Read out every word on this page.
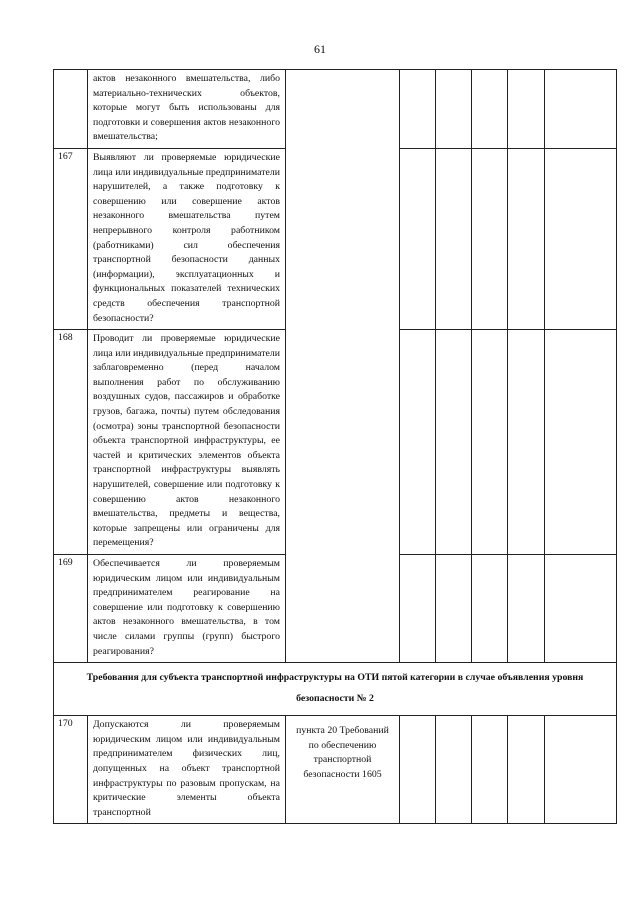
61

	актов незаконного вмешательства, либо материально-технических объектов, которые могут быть использованы для подготовки и совершения актов незаконного вмешательства;						

167	Выявляют ли проверяемые юридические лица или индивидуальные предприниматели нарушителей, а также подготовку к совершению или совершение актов незаконного вмешательства путем непрерывного контроля работником (работниками) сил обеспечения транспортной безопасности данных (информации), эксплуатационных и функциональных показателей технических средств обеспечения транспортной безопасности?						

168	Проводит ли проверяемые юридические лица или индивидуальные предприниматели заблаговременно (перед началом выполнения работ по обслуживанию воздушных судов, пассажиров и обработке грузов, багажа, почты) путем обследования (осмотра) зоны транспортной безопасности объекта транспортной инфраструктуры, ее частей и критических элементов объекта транспортной инфраструктуры выявлять нарушителей, совершение или подготовку к совершению актов незаконного вмешательства, предметы и вещества, которые запрещены или ограничены для перемещения?						

169	Обеспечивается ли проверяемым юридическим лицом или индивидуальным предпринимателем реагирование на совершение или подготовку к совершению актов незаконного вмешательства, в том числе силами группы (групп) быстрого реагирования?						

Требования для субъекта транспортной инфраструктуры на ОТИ пятой категории в случае объявления уровня безопасности № 2							
170	Допускаются ли проверяемым юридическим лицом или индивидуальным предпринимателем физических лиц, допущенных на объект транспортной инфраструктуры по разовым пропускам, на критические элементы объекта транспортной	пункта 20 Требований по обеспечению транспортной безопасности 1605					
